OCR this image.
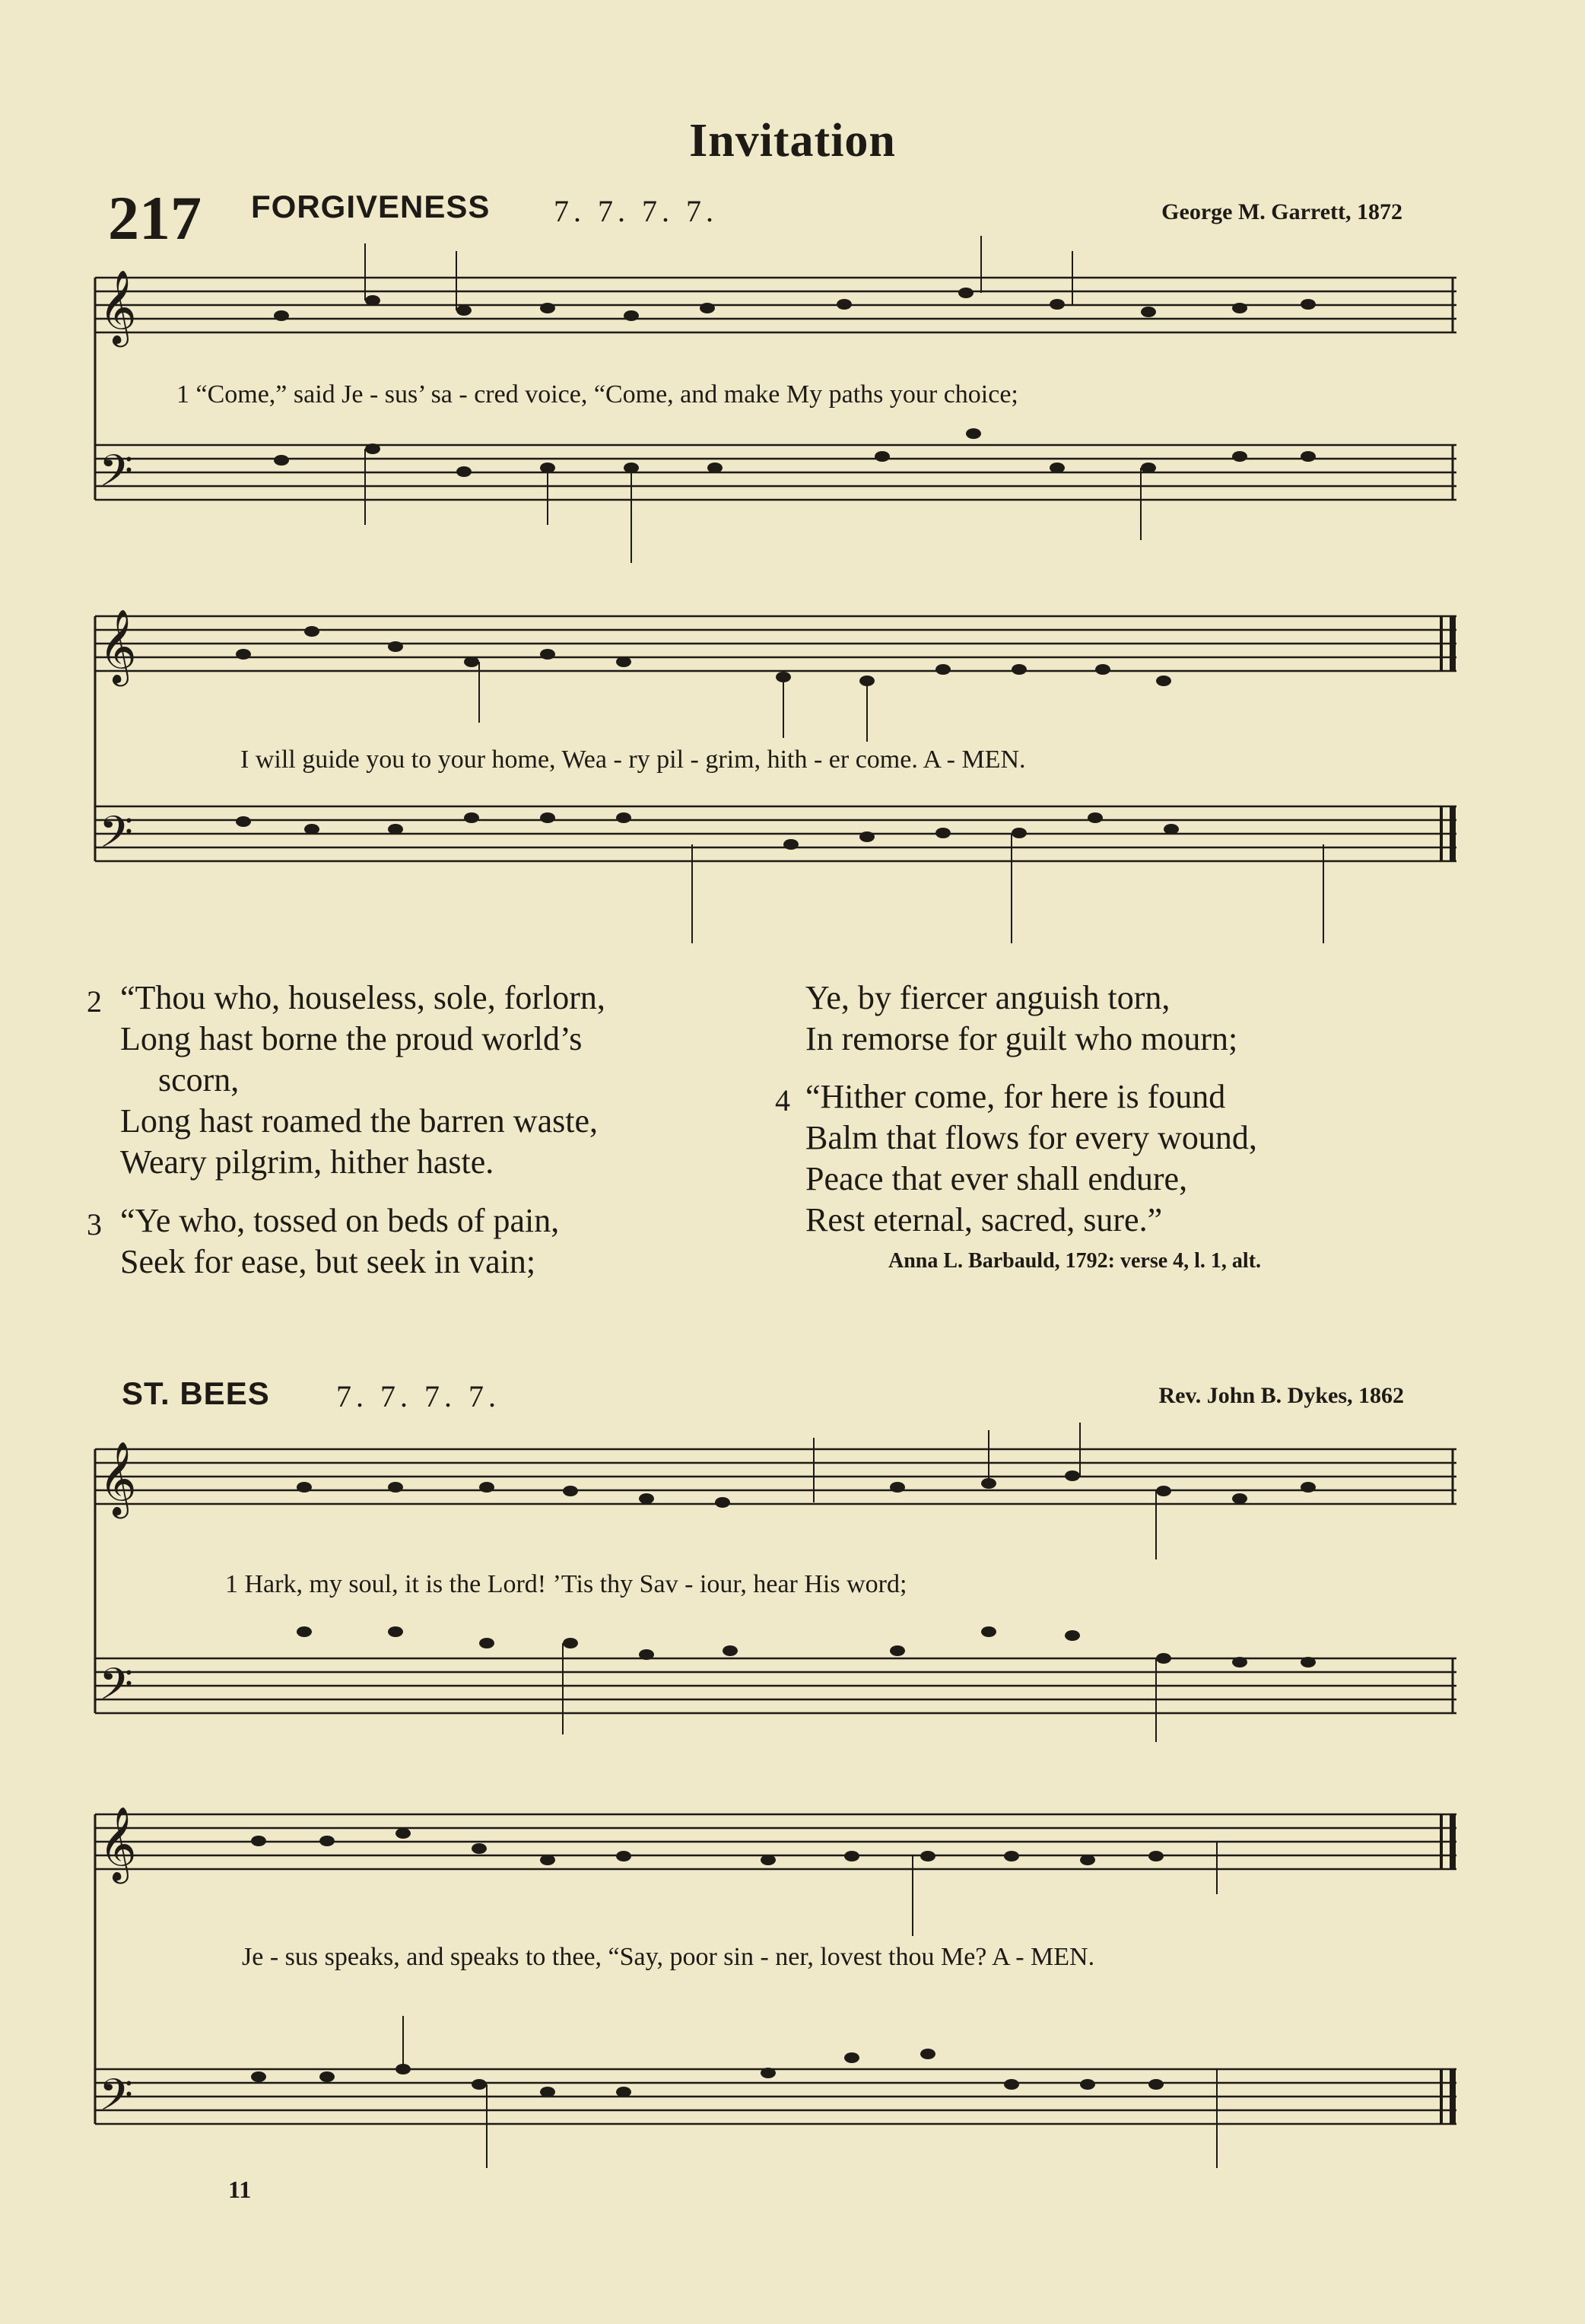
Invitation
217 FORGIVENESS 7. 7. 7. 7.	George M. Garrett, 1872
𝄞
𝄢
𝄞
𝄢
𝄞
𝄢
𝄞
𝄢
1 “Come,” said Je - sus’ sa - cred voice, “Come, and make My paths your choice;
I will guide you to your home, Wea - ry pil - grim, hith - er come. A - MEN.
2 “Thou who, houseless, sole, forlorn,
Long hast borne the proud world’s
scorn,
Long hast roamed the barren waste,
Weary pilgrim, hither haste.
3 “Ye who, tossed on beds of pain,
Seek for ease, but seek in vain;
Ye, by fiercer anguish torn,
In remorse for guilt who mourn;
4 “Hither come, for here is found
Balm that flows for every wound,
Peace that ever shall endure,
Rest eternal, sacred, sure.”
Anna L. Barbauld, 1792: verse 4, l. 1, alt.
ST. BEES 7. 7. 7. 7.	Rev. John B. Dykes, 1862
1 Hark, my soul, it is the Lord! ’Tis thy Sav - iour, hear His word;
Je - sus speaks, and speaks to thee, “Say, poor sin - ner, lovest thou Me? A - MEN.
11
